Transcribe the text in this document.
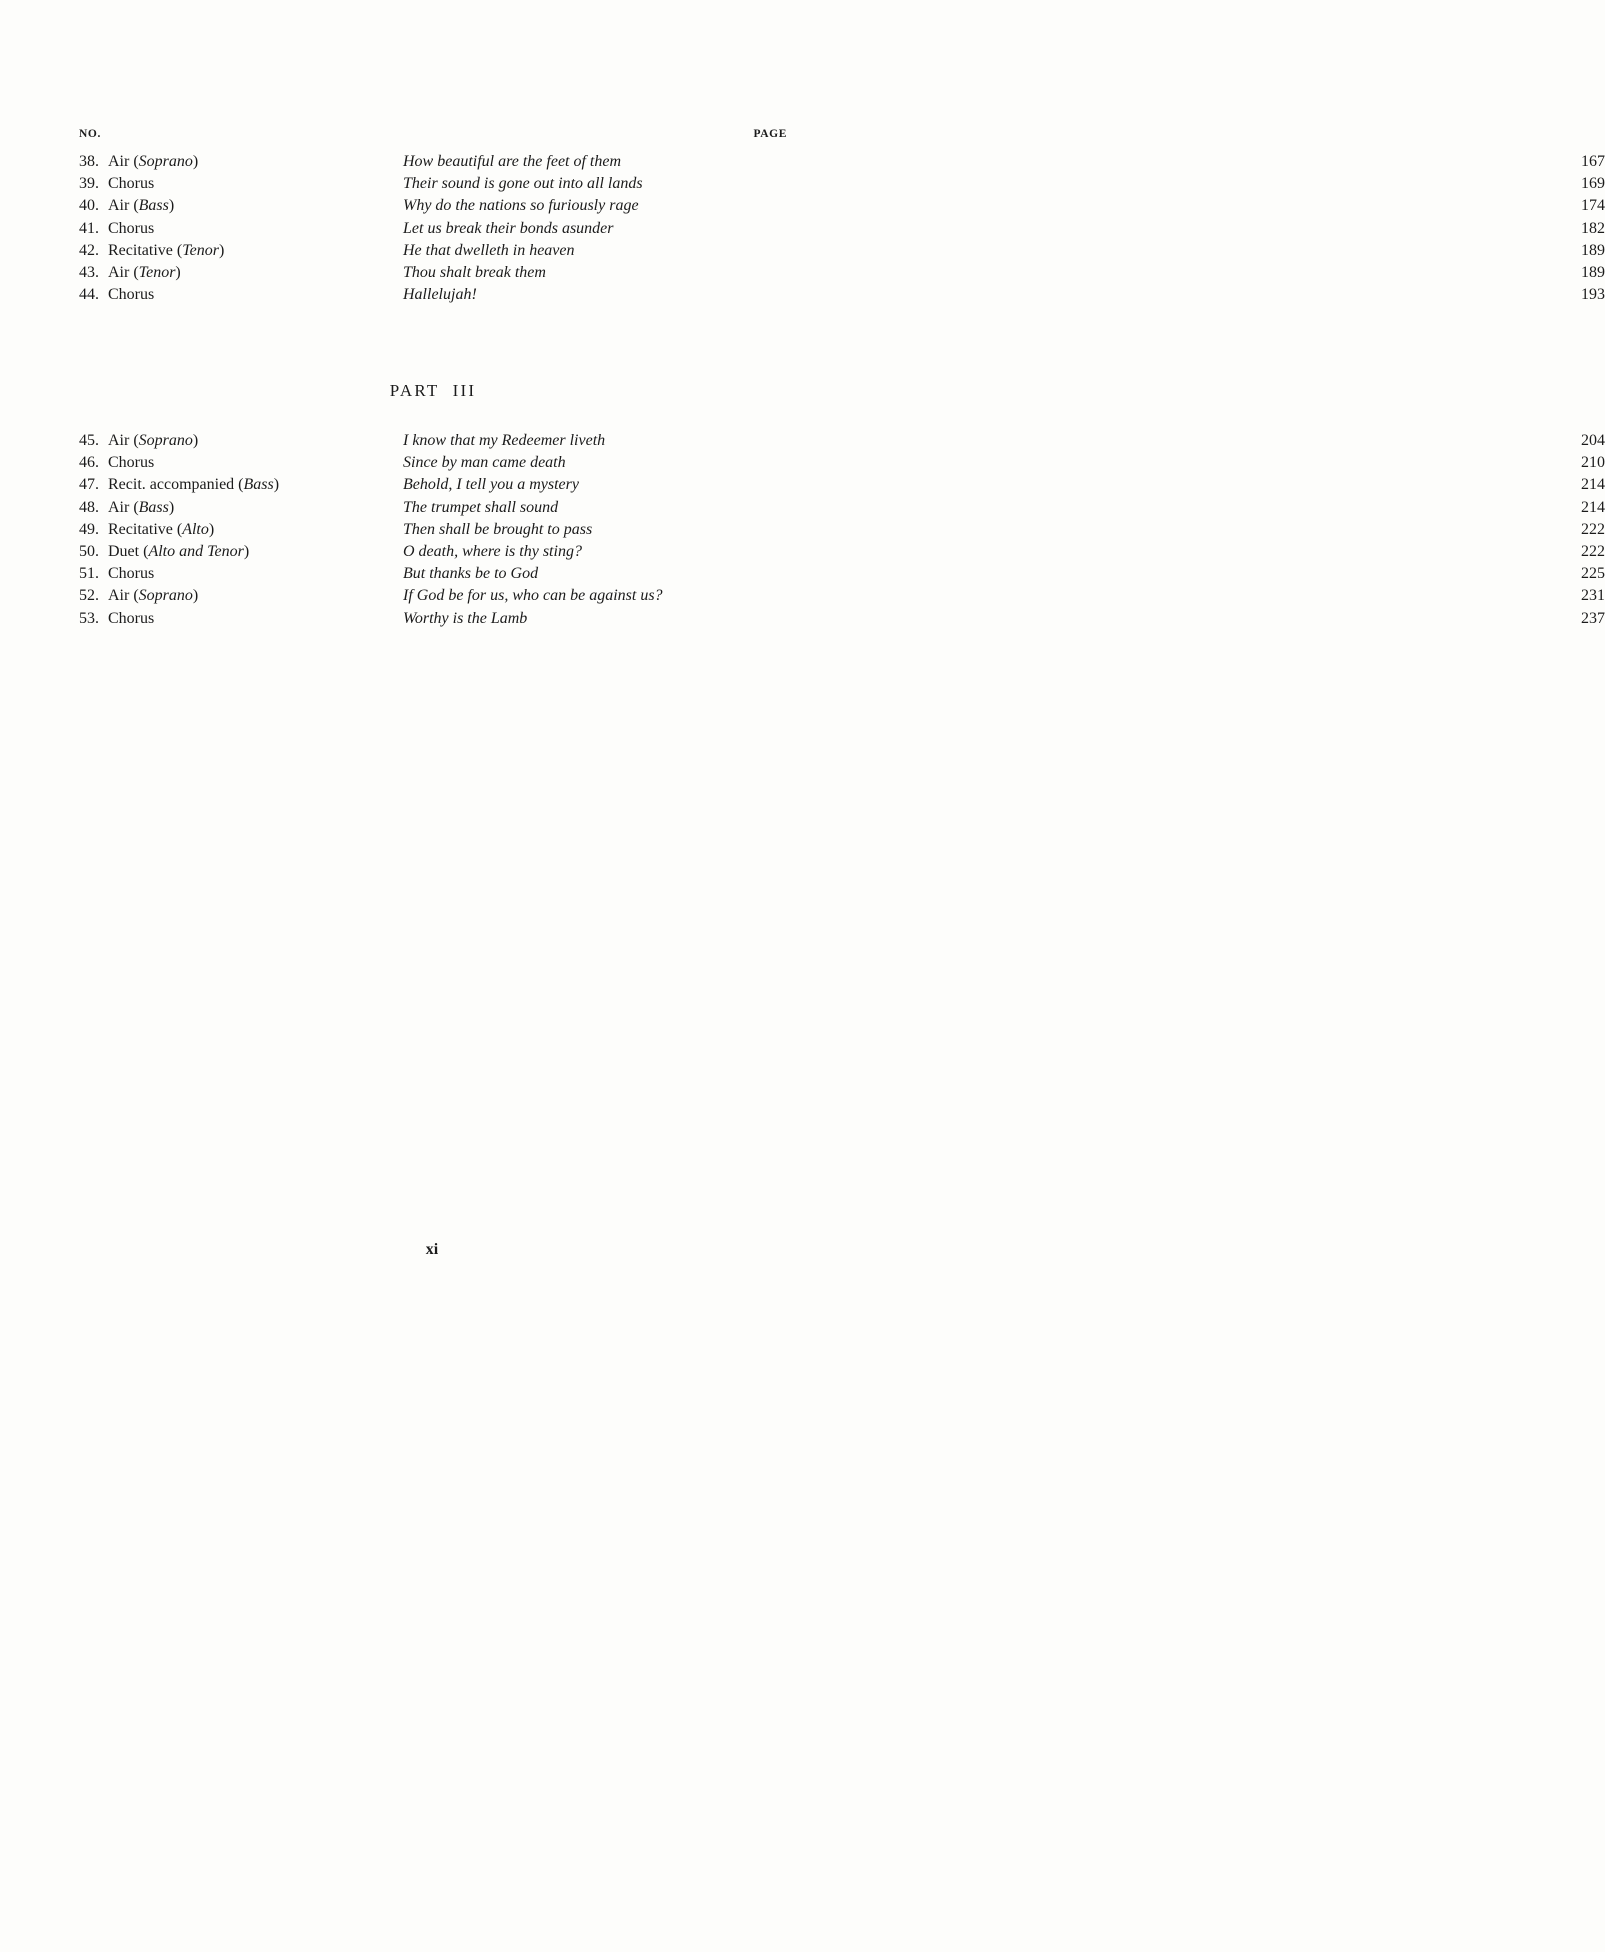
NO.	PAGE
38. Air (Soprano)	How beautiful are the feet of them	167
39. Chorus	Their sound is gone out into all lands	169
40. Air (Bass)	Why do the nations so furiously rage	174
41. Chorus	Let us break their bonds asunder	182
42. Recitative (Tenor)	He that dwelleth in heaven	189
43. Air (Tenor)	Thou shalt break them	189
44. Chorus	Hallelujah!	193
PART III
45. Air (Soprano)	I know that my Redeemer liveth	204
46. Chorus	Since by man came death	210
47. Recit. accompanied (Bass)	Behold, I tell you a mystery	214
48. Air (Bass)	The trumpet shall sound	214
49. Recitative (Alto)	Then shall be brought to pass	222
50. Duet (Alto and Tenor)	O death, where is thy sting?	222
51. Chorus	But thanks be to God	225
52. Air (Soprano)	If God be for us, who can be against us?	231
53. Chorus	Worthy is the Lamb	237
xi
